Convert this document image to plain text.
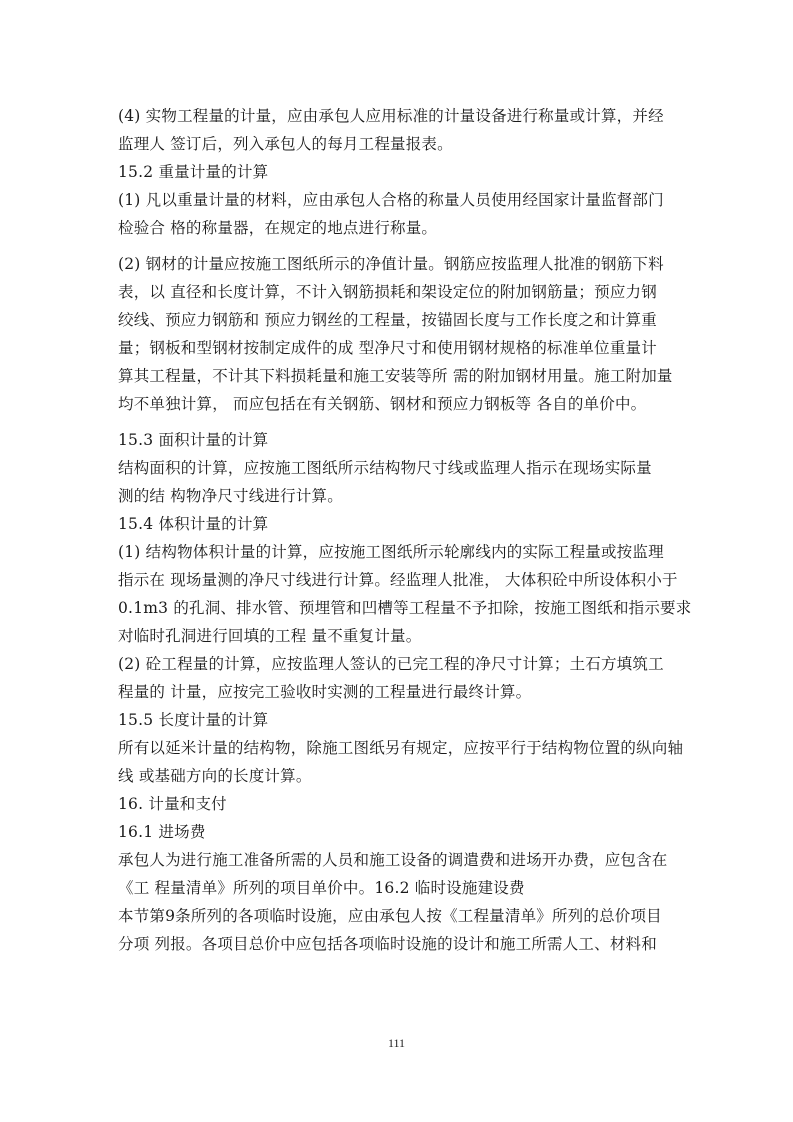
(4) 实物工程量的计量，应由承包人应用标准的计量设备进行称量或计算，并经
监理人 签订后，列入承包人的每月工程量报表。
15.2 重量计量的计算
(1) 凡以重量计量的材料，应由承包人合格的称量人员使用经国家计量监督部门
检验合 格的称量器，在规定的地点进行称量。
(2) 钢材的计量应按施工图纸所示的净值计量。钢筋应按监理人批准的钢筋下料
表，以 直径和长度计算，不计入钢筋损耗和架设定位的附加钢筋量；预应力钢
绞线、预应力钢筋和 预应力钢丝的工程量，按锚固长度与工作长度之和计算重
量；钢板和型钢材按制定成件的成 型净尺寸和使用钢材规格的标准单位重量计
算其工程量，不计其下料损耗量和施工安装等所 需的附加钢材用量。施工附加量
均不单独计算， 而应包括在有关钢筋、钢材和预应力钢板等 各自的单价中。
15.3 面积计量的计算
结构面积的计算，应按施工图纸所示结构物尺寸线或监理人指示在现场实际量
测的结 构物净尺寸线进行计算。
15.4 体积计量的计算
(1) 结构物体积计量的计算，应按施工图纸所示轮廓线内的实际工程量或按监理
指示在 现场量测的净尺寸线进行计算。经监理人批准， 大体积砼中所设体积小于
0.1m3 的孔洞、排水管、预埋管和凹槽等工程量不予扣除，按施工图纸和指示要求
对临时孔洞进行回填的工程 量不重复计量。
(2) 砼工程量的计算，应按监理人签认的已完工程的净尺寸计算；土石方填筑工
程量的 计量，应按完工验收时实测的工程量进行最终计算。
15.5 长度计量的计算
所有以延米计量的结构物，除施工图纸另有规定，应按平行于结构物位置的纵向轴
线 或基础方向的长度计算。
16. 计量和支付
16.1 进场费
承包人为进行施工准备所需的人员和施工设备的调遣费和进场开办费，应包含在
《工 程量清单》所列的项目单价中。16.2 临时设施建设费
本节第9条所列的各项临时设施，应由承包人按《工程量清单》所列的总价项目
分项 列报。各项目总价中应包括各项临时设施的设计和施工所需人工、材料和
111
